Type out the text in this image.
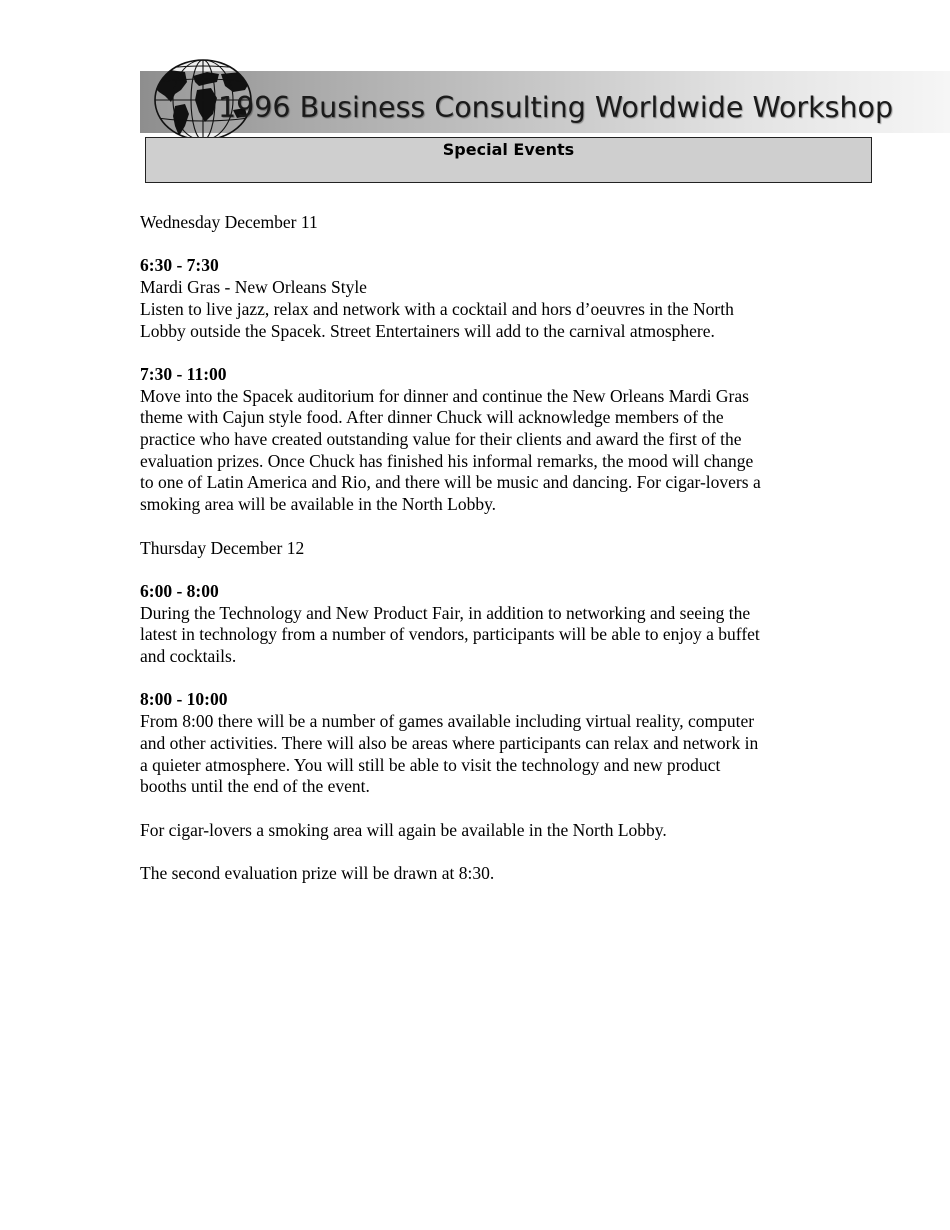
1996 Business Consulting Worldwide Workshop
Special Events
Wednesday December 11
6:30 - 7:30
Mardi Gras - New Orleans Style
Listen to live jazz, relax and network with a cocktail and hors d’oeuvres in the North
Lobby outside the Spacek. Street Entertainers will add to the carnival atmosphere.
7:30 - 11:00
Move into the Spacek auditorium for dinner and continue the New Orleans Mardi Gras
theme with Cajun style food. After dinner Chuck will acknowledge members of the
practice who have created outstanding value for their clients and award the first of the
evaluation prizes. Once Chuck has finished his informal remarks, the mood will change
to one of Latin America and Rio, and there will be music and dancing. For cigar-lovers a
smoking area will be available in the North Lobby.
Thursday December 12
6:00 - 8:00
During the Technology and New Product Fair, in addition to networking and seeing the
latest in technology from a number of vendors, participants will be able to enjoy a buffet
and cocktails.
8:00 - 10:00
From 8:00 there will be a number of games available including virtual reality, computer
and other activities. There will also be areas where participants can relax and network in
a quieter atmosphere. You will still be able to visit the technology and new product
booths until the end of the event.
For cigar-lovers a smoking area will again be available in the North Lobby.
The second evaluation prize will be drawn at 8:30.
